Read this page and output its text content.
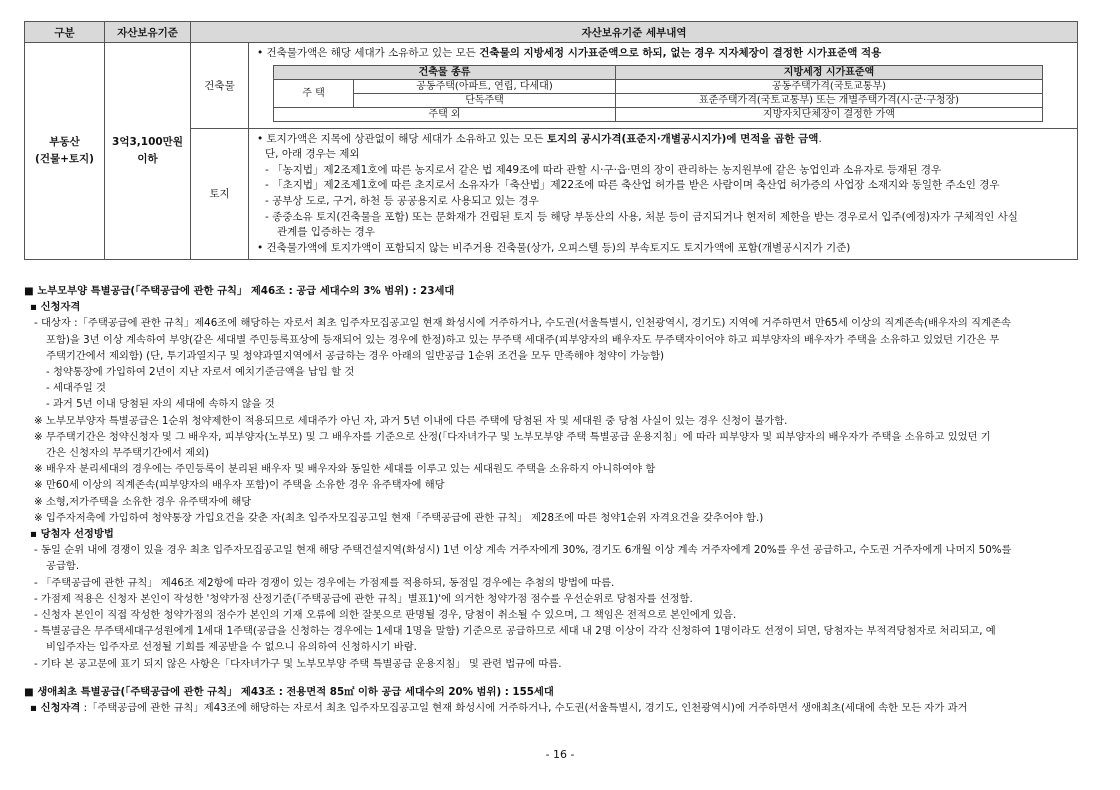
구분	자산보유기준	자산보유기준 세부내역

부동산
(건물+토지)

3억3,100만원
이하
	건축물	
• 건축물가액은 해당 세대가 소유하고 있는 모든 건축물의 지방세정 시가표준액으로 하되, 없는 경우 지자체장이 결정한 시가표준액 적용
건축물 종류	지방세정 시가표준액
주 택	공동주택(아파트, 연립, 다세대)	공동주택가격(국토교통부)
단독주택	표준주택가격(국토교통부) 또는 개별주택가격(시·군·구청장)
주택 외	지방자치단체장이 결정한 가액

토지	
• 토지가액은 지목에 상관없이 해당 세대가 소유하고 있는 모든 토지의 공시가격(표준지·개별공시지가)에 면적을 곱한 금액.
단, 아래 경우는 제외
- 「농지법」제2조제1호에 따른 농지로서 같은 법 제49조에 따라 관할 시·구·읍·면의 장이 관리하는 농지원부에 같은 농업인과 소유자로 등재된 경우
- 「초지법」제2조제1호에 따른 초지로서 소유자가「축산법」제22조에 따른 축산업 허가를 받은 사람이며 축산업 허가증의 사업장 소재지와 동일한 주소인 경우
- 공부상 도로, 구거, 하천 등 공공용지로 사용되고 있는 경우
- 종중소유 토지(건축물을 포함) 또는 문화재가 건립된 토지 등 해당 부동산의 사용, 처분 등이 금지되거나 현저히 제한을 받는 경우로서 입주(예정)자가 구체적인 사실
관계를 입증하는 경우
• 건축물가액에 토지가액이 포함되지 않는 비주거용 건축물(상가, 오피스텔 등)의 부속토지도 토지가액에 포함(개별공시지가 기준)
■ 노부모부양 특별공급(「주택공급에 관한 규칙」 제46조 : 공급 세대수의 3% 범위) : 23세대
▪ 신청자격
- 대상자 :「주택공급에 관한 규칙」제46조에 해당하는 자로서 최초 입주자모집공고일 현재 화성시에 거주하거나, 수도권(서울특별시, 인천광역시, 경기도) 지역에 거주하면서 만65세 이상의 직계존속(배우자의 직계존속
포함)을 3년 이상 계속하여 부양(같은 세대별 주민등록표상에 등재되어 있는 경우에 한정)하고 있는 무주택 세대주(피부양자의 배우자도 무주택자이어야 하고 피부양자의 배우자가 주택을 소유하고 있었던 기간은 무
주택기간에서 제외함) (단, 투기과열지구 및 청약과열지역에서 공급하는 경우 아래의 일반공급 1순위 조건을 모두 만족해야 청약이 가능함)
- 청약통장에 가입하여 2년이 지난 자로서 예치기준금액을 납입 할 것
- 세대주일 것
- 과거 5년 이내 당첨된 자의 세대에 속하지 않을 것
※ 노부모부양자 특별공급은 1순위 청약제한이 적용되므로 세대주가 아닌 자, 과거 5년 이내에 다른 주택에 당첨된 자 및 세대원 중 당첨 사실이 있는 경우 신청이 불가함.
※ 무주택기간은 청약신청자 및 그 배우자, 피부양자(노부모) 및 그 배우자를 기준으로 산정(「다자녀가구 및 노부모부양 주택 특별공급 운용지침」에 따라 피부양자 및 피부양자의 배우자가 주택을 소유하고 있었던 기
간은 신청자의 무주택기간에서 제외)
※ 배우자 분리세대의 경우에는 주민등록이 분리된 배우자 및 배우자와 동일한 세대를 이루고 있는 세대원도 주택을 소유하지 아니하여야 함
※ 만60세 이상의 직계존속(피부양자의 배우자 포함)이 주택을 소유한 경우 유주택자에 해당
※ 소형,저가주택을 소유한 경우 유주택자에 해당
※ 입주자저축에 가입하여 청약통장 가입요건을 갖춘 자(최초 입주자모집공고일 현재「주택공급에 관한 규칙」 제28조에 따른 청약1순위 자격요건을 갖추어야 함.)
▪ 당첨자 선정방법
- 동일 순위 내에 경쟁이 있을 경우 최초 입주자모집공고일 현재 해당 주택건설지역(화성시) 1년 이상 계속 거주자에게 30%, 경기도 6개월 이상 계속 거주자에게 20%를 우선 공급하고, 수도권 거주자에게 나머지 50%를
공급함.
- 「주택공급에 관한 규칙」 제46조 제2항에 따라 경쟁이 있는 경우에는 가점제를 적용하되, 동점일 경우에는 추첨의 방법에 따름.
- 가점제 적용은 신청자 본인이 작성한 '청약가점 산정기준(「주택공급에 관한 규칙」별표1)'에 의거한 청약가점 점수를 우선순위로 당첨자를 선정함.
- 신청자 본인이 직접 작성한 청약가점의 점수가 본인의 기재 오류에 의한 잘못으로 판명될 경우, 당첨이 취소될 수 있으며, 그 책임은 전적으로 본인에게 있음.
- 특별공급은 무주택세대구성원에게 1세대 1주택(공급을 신청하는 경우에는 1세대 1명을 말함) 기준으로 공급하므로 세대 내 2명 이상이 각각 신청하여 1명이라도 선정이 되면, 당첨자는 부적격당첨자로 처리되고, 예
비입주자는 입주자로 선정될 기회를 제공받을 수 없으니 유의하여 신청하시기 바람.
- 기타 본 공고문에 표기 되지 않은 사항은「다자녀가구 및 노부모부양 주택 특별공급 운용지침」 및 관련 법규에 따름.
■ 생애최초 특별공급(「주택공급에 관한 규칙」 제43조 : 전용면적 85㎡ 이하 공급 세대수의 20% 범위) : 155세대
▪ 신청자격 :「주택공급에 관한 규칙」제43조에 해당하는 자로서 최초 입주자모집공고일 현재 화성시에 거주하거나, 수도권(서울특별시, 경기도, 인천광역시)에 거주하면서 생애최초(세대에 속한 모든 자가 과거
- 16 -
